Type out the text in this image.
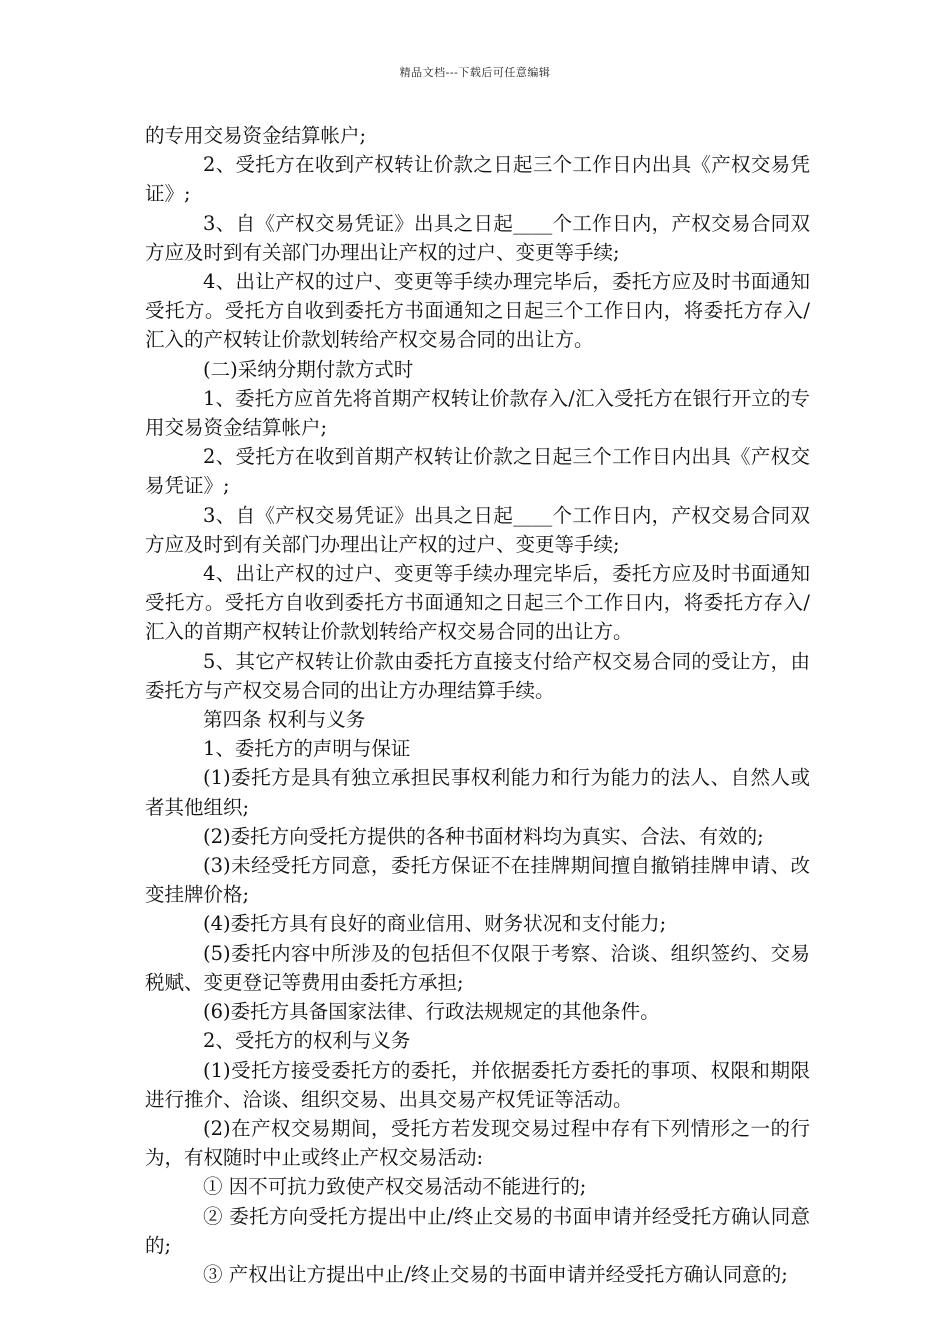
精品文档---下载后可任意编辑

的专用交易资金结算帐户;

2、受托方在收到产权转让价款之日起三个工作日内出具《产权交易凭证》;

3、自《产权交易凭证》出具之日起____个工作日内，产权交易合同双方应及时到有关部门办理出让产权的过户、变更等手续;

4、出让产权的过户、变更等手续办理完毕后，委托方应及时书面通知受托方。受托方自收到委托方书面通知之日起三个工作日内，将委托方存入/汇入的产权转让价款划转给产权交易合同的出让方。

(二)采纳分期付款方式时

1、委托方应首先将首期产权转让价款存入/汇入受托方在银行开立的专用交易资金结算帐户;

2、受托方在收到首期产权转让价款之日起三个工作日内出具《产权交易凭证》;

3、自《产权交易凭证》出具之日起____个工作日内，产权交易合同双方应及时到有关部门办理出让产权的过户、变更等手续;

4、出让产权的过户、变更等手续办理完毕后，委托方应及时书面通知受托方。受托方自收到委托方书面通知之日起三个工作日内，将委托方存入/汇入的首期产权转让价款划转给产权交易合同的出让方。

5、其它产权转让价款由委托方直接支付给产权交易合同的受让方，由委托方与产权交易合同的出让方办理结算手续。

第四条 权利与义务

1、委托方的声明与保证

(1)委托方是具有独立承担民事权利能力和行为能力的法人、自然人或者其他组织;

(2)委托方向受托方提供的各种书面材料均为真实、合法、有效的;

(3)未经受托方同意，委托方保证不在挂牌期间擅自撤销挂牌申请、改变挂牌价格;

(4)委托方具有良好的商业信用、财务状况和支付能力;

(5)委托内容中所涉及的包括但不仅限于考察、洽谈、组织签约、交易税赋、变更登记等费用由委托方承担;

(6)委托方具备国家法律、行政法规规定的其他条件。

2、受托方的权利与义务

(1)受托方接受委托方的委托，并依据委托方委托的事项、权限和期限进行推介、洽谈、组织交易、出具交易产权凭证等活动。

(2)在产权交易期间，受托方若发现交易过程中存有下列情形之一的行为，有权随时中止或终止产权交易活动:

① 因不可抗力致使产权交易活动不能进行的;

② 委托方向受托方提出中止/终止交易的书面申请并经受托方确认同意的;

③ 产权出让方提出中止/终止交易的书面申请并经受托方确认同意的;
